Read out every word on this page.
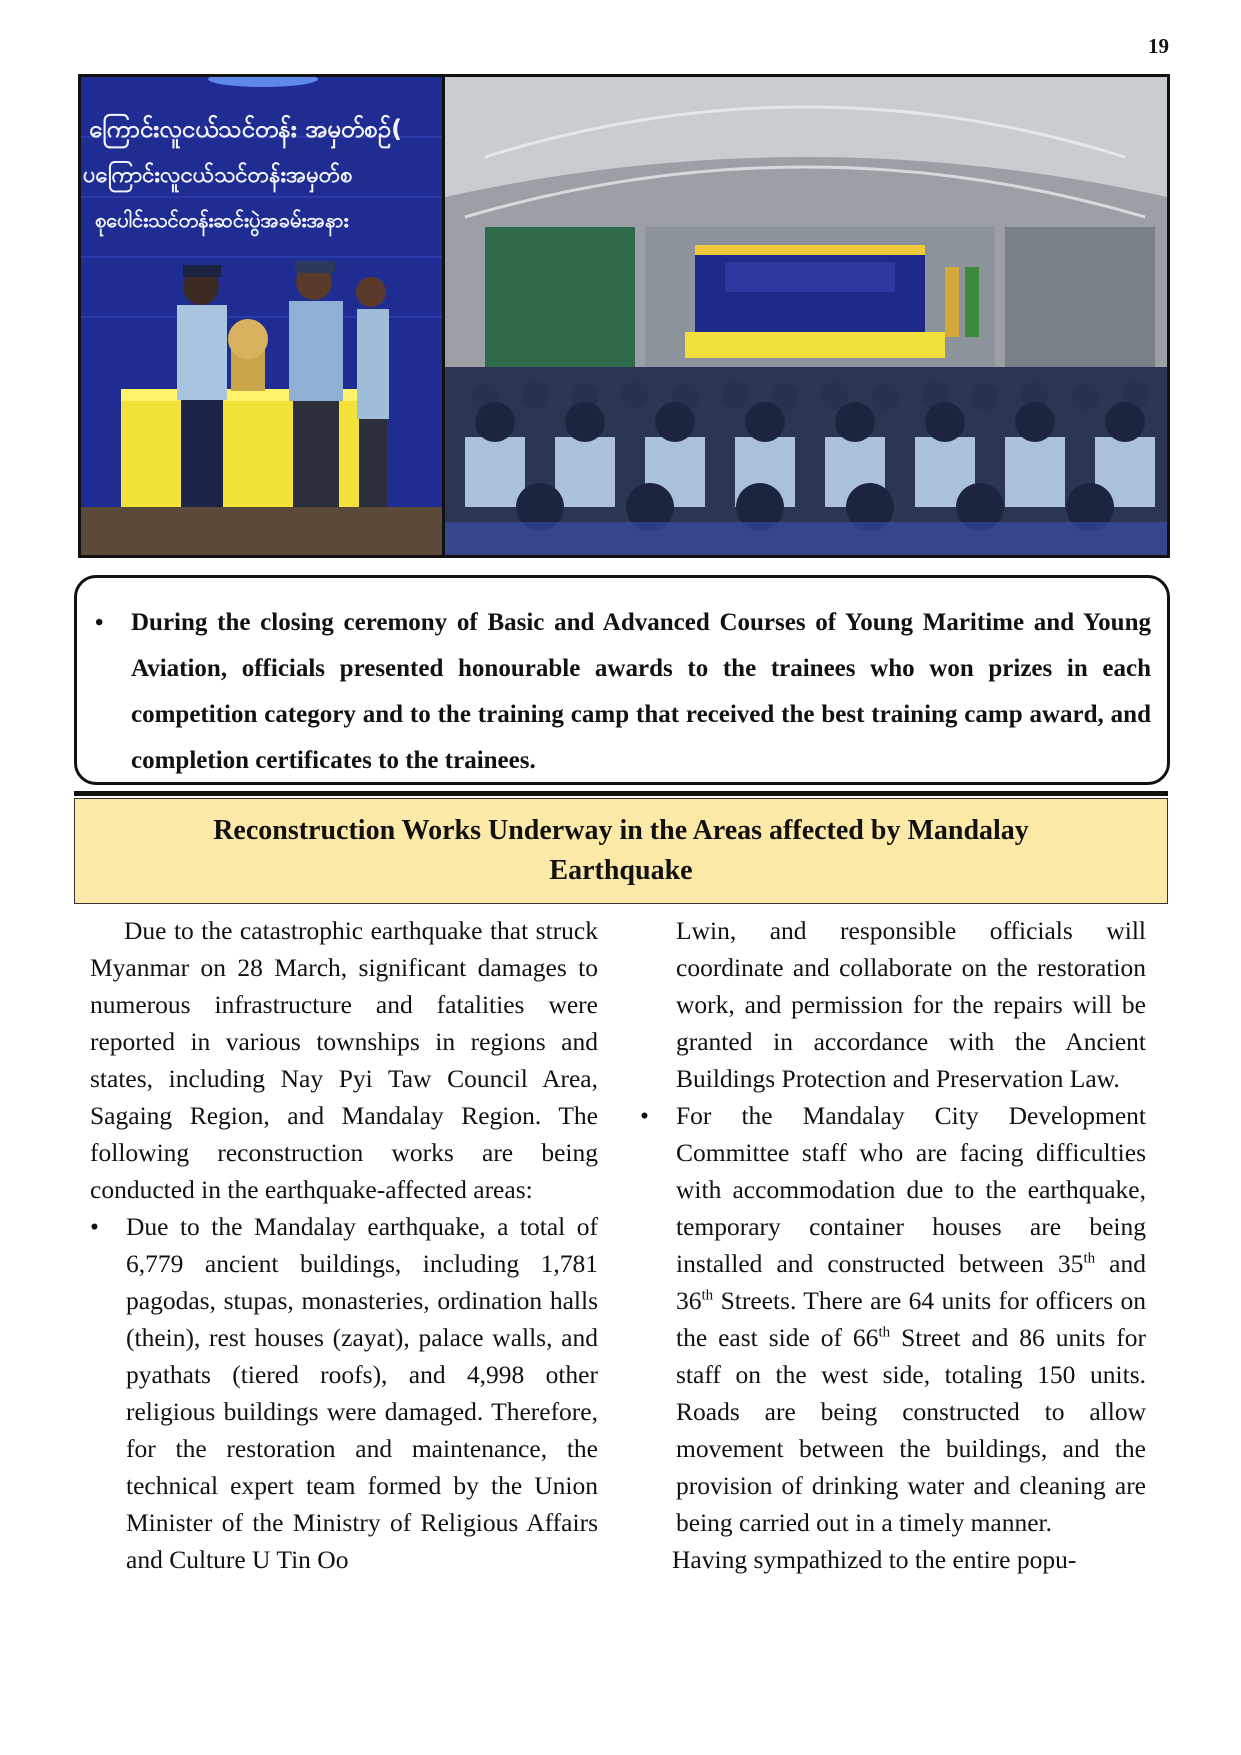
19
ကြောင်းလူငယ်သင်တန်း အမှတ်စဉ်(
ပကြောင်းလူငယ်သင်တန်းအမှတ်စ
စုပေါင်းသင်တန်းဆင်းပွဲအခမ်းအနား

• During the closing ceremony of Basic and Advanced Courses of Young Maritime and Young Aviation, officials presented honourable awards to the trainees who won prizes in each competition category and to the training camp that received the best training camp award, and completion certificates to the trainees.

Reconstruction Works Underway in the Areas affected by Mandalay Earthquake

Due to the catastrophic earthquake that struck Myanmar on 28 March, significant damages to numerous infrastructure and fatalities were reported in various townships in regions and states, including Nay Pyi Taw Council Area, Sagaing Region, and Mandalay Region. The following reconstruction works are being conducted in the earthquake-affected areas:

• Due to the Mandalay earthquake, a total of 6,779 ancient buildings, including 1,781 pagodas, stupas, monasteries, ordination halls (thein), rest houses (zayat), palace walls, and pyathats (tiered roofs), and 4,998 other religious buildings were damaged. Therefore, for the restoration and maintenance, the technical expert team formed by the Union Minister of the Ministry of Religious Affairs and Culture U Tin Oo

Lwin, and responsible officials will coordinate and collaborate on the restoration work, and permission for the repairs will be granted in accordance with the Ancient Buildings Protection and Preservation Law.

• For the Mandalay City Development Committee staff who are facing difficulties with accommodation due to the earthquake, temporary container houses are being installed and constructed between 35th and 36th Streets. There are 64 units for officers on the east side of 66th Street and 86 units for staff on the west side, totaling 150 units. Roads are being constructed to allow movement between the buildings, and the provision of drinking water and cleaning are being carried out in a timely manner.

Having sympathized to the entire popu-
